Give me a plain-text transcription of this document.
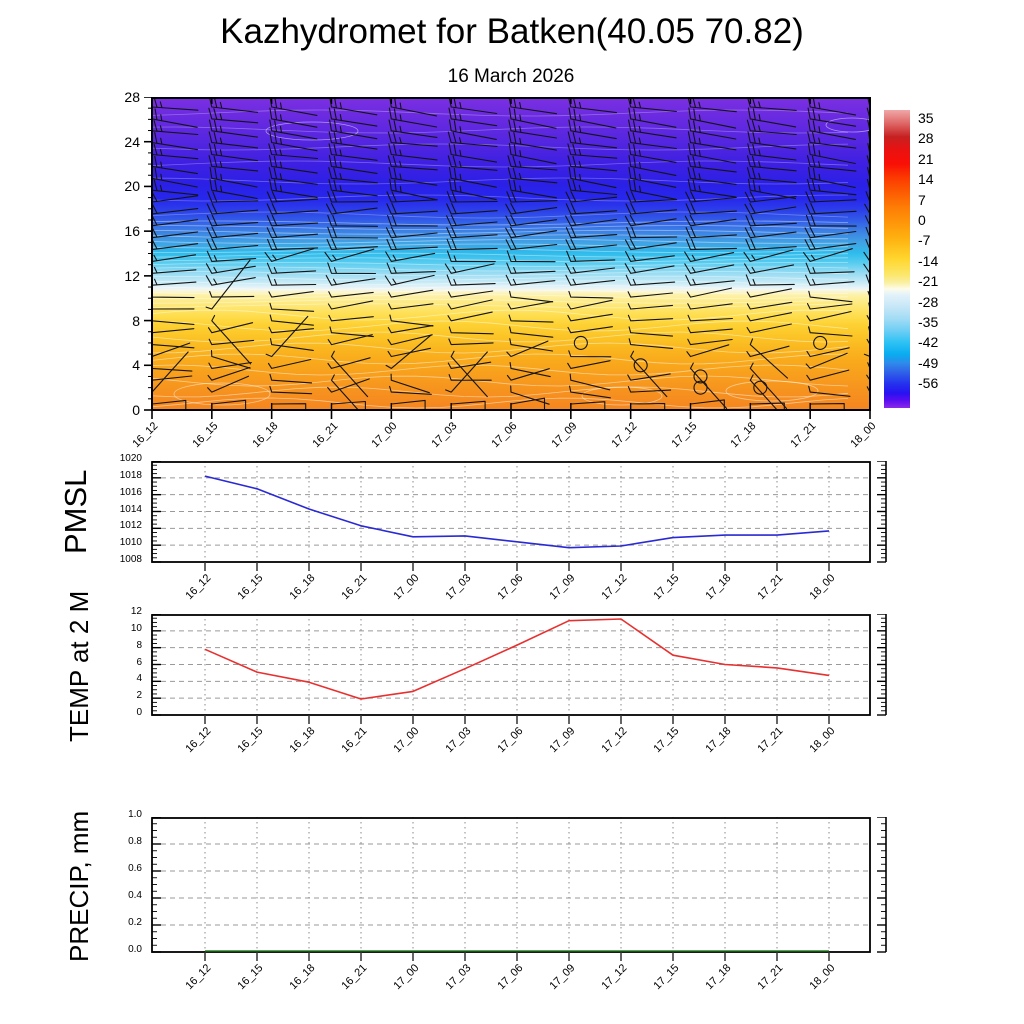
Kazhydromet for Batken(40.05 70.82)
16 March 2026
PMSL
TEMP at 2 M
PRECIP, mm
35
28
21
14
7
0
-7
-14
-21
-28
-35
-42
-49
-56
0
4
8
12
16
20
24
28
16_12	16_15	16_18	16_21	17_00	17_03	17_06	17_09	17_12	17_15	17_18	17_21	18_00
1008
1010
1012
1014
1016
1018
1020
16_12	16_15	16_18	16_21	17_00	17_03	17_06	17_09	17_12	17_15	17_18	17_21	18_00
0
2
4
6
8
10
12
16_12	16_15	16_18	16_21	17_00	17_03	17_06	17_09	17_12	17_15	17_18	17_21	18_00
0.0
0.2
0.4
0.6
0.8
1.0
16_12	16_15	16_18	16_21	17_00	17_03	17_06	17_09	17_12	17_15	17_18	17_21	18_00
